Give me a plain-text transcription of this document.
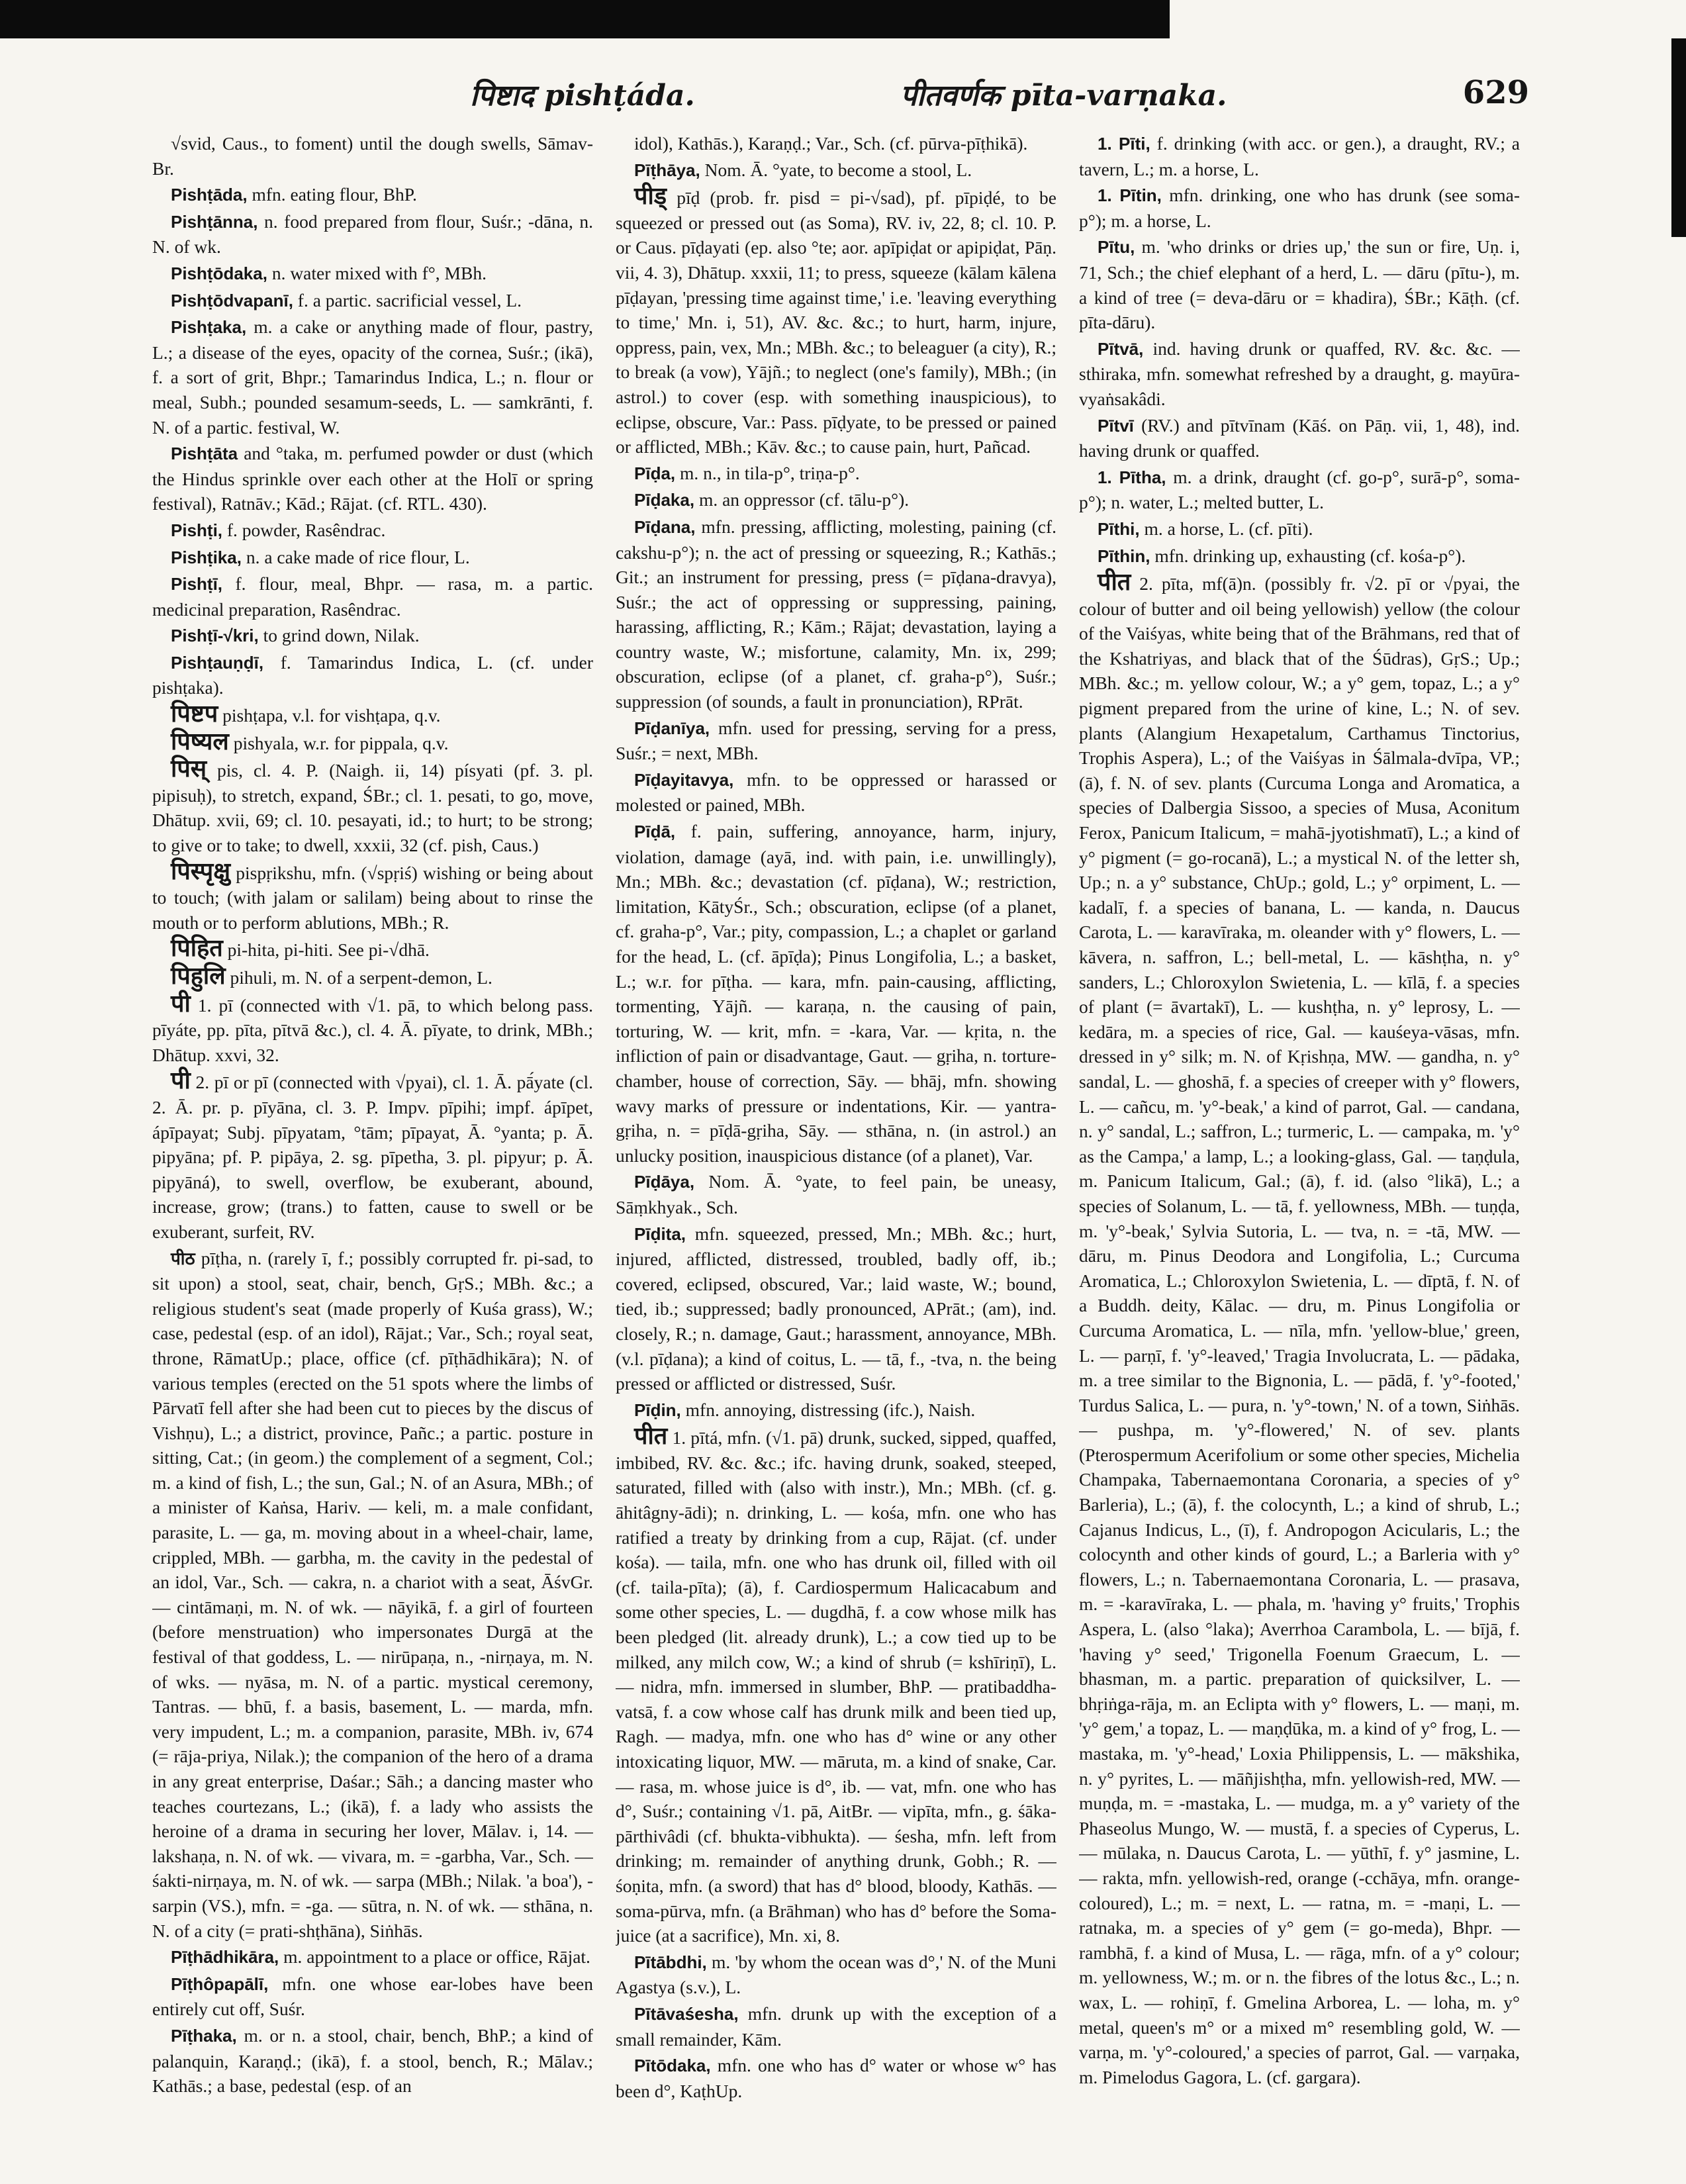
पिष्टाद pishṭáda.	पीतवर्णक pīta-varṇaka.	629

√svid, Caus., to foment) until the dough swells, Sāmav-Br.

Pishṭāda, mfn. eating flour, BhP.

Pishṭānna, n. food prepared from flour, Suśr.; -dāna, n. N. of wk.

Pishṭōdaka, n. water mixed with f°, MBh.

Pishṭōdvapanī, f. a partic. sacrificial vessel, L.

Pishṭaka, m. a cake or anything made of flour, pastry, L.; a disease of the eyes, opacity of the cornea, Suśr.; (ikā), f. a sort of grit, Bhpr.; Tamarindus Indica, L.; n. flour or meal, Subh.; pounded sesamum-seeds, L. — samkrānti, f. N. of a partic. festival, W.

Pishṭāta and °taka, m. perfumed powder or dust (which the Hindus sprinkle over each other at the Holī or spring festival), Ratnāv.; Kād.; Rājat. (cf. RTL. 430).

Pishṭi, f. powder, Rasêndrac.

Pishṭika, n. a cake made of rice flour, L.

Pishṭī, f. flour, meal, Bhpr. — rasa, m. a partic. medicinal preparation, Rasêndrac.

Pishṭī-√kri, to grind down, Nilak.

Pishṭauṇḍī, f. Tamarindus Indica, L. (cf. under pishṭaka).

पिष्टप pishṭapa, v.l. for vishṭapa, q.v.

पिष्यल pishyala, w.r. for pippala, q.v.

पिस् pis, cl. 4. P. (Naigh. ii, 14) písyati (pf. 3. pl. pipisuḥ), to stretch, expand, ŚBr.; cl. 1. pesati, to go, move, Dhātup. xvii, 69; cl. 10. pesayati, id.; to hurt; to be strong; to give or to take; to dwell, xxxii, 32 (cf. pish, Caus.)

पिस्पृक्षु pispṛikshu, mfn. (√spṛiś) wishing or being about to touch; (with jalam or salilam) being about to rinse the mouth or to perform ablutions, MBh.; R.

पिहित pi-hita, pi-hiti. See pi-√dhā.

पिहुलि pihuli, m. N. of a serpent-demon, L.

पी 1. pī (connected with √1. pā, to which belong pass. pīyáte, pp. pīta, pītvā &c.), cl. 4. Ā. pīyate, to drink, MBh.; Dhātup. xxvi, 32.

पी 2. pī or pī (connected with √pyai), cl. 1. Ā. pā́yate (cl. 2. Ā. pr. p. pīyāna, cl. 3. P. Impv. pīpihi; impf. ápīpet, ápīpayat; Subj. pīpyatam, °tām; pīpayat, Ā. °yanta; p. Ā. pipyāna; pf. P. pipāya, 2. sg. pīpetha, 3. pl. pipyur; p. Ā. pipyāná), to swell, overflow, be exuberant, abound, increase, grow; (trans.) to fatten, cause to swell or be exuberant, surfeit, RV.

पीठ pīṭha, n. (rarely ī, f.; possibly corrupted fr. pi-sad, to sit upon) a stool, seat, chair, bench, GṛS.; MBh. &c.; a religious student's seat (made properly of Kuśa grass), W.; case, pedestal (esp. of an idol), Rājat.; Var., Sch.; royal seat, throne, RāmatUp.; place, office (cf. pīṭhādhikāra); N. of various temples (erected on the 51 spots where the limbs of Pārvatī fell after she had been cut to pieces by the discus of Vishṇu), L.; a district, province, Pañc.; a partic. posture in sitting, Cat.; (in geom.) the complement of a segment, Col.; m. a kind of fish, L.; the sun, Gal.; N. of an Asura, MBh.; of a minister of Kaṅsa, Hariv. — keli, m. a male confidant, parasite, L. — ga, m. moving about in a wheel-chair, lame, crippled, MBh. — garbha, m. the cavity in the pedestal of an idol, Var., Sch. — cakra, n. a chariot with a seat, ĀśvGr. — cintāmaṇi, m. N. of wk. — nāyikā, f. a girl of fourteen (before menstruation) who impersonates Durgā at the festival of that goddess, L. — nirūpaṇa, n., -nirṇaya, m. N. of wks. — nyāsa, m. N. of a partic. mystical ceremony, Tantras. — bhū, f. a basis, basement, L. — marda, mfn. very impudent, L.; m. a companion, parasite, MBh. iv, 674 (= rāja-priya, Nilak.); the companion of the hero of a drama in any great enterprise, Daśar.; Sāh.; a dancing master who teaches courtezans, L.; (ikā), f. a lady who assists the heroine of a drama in securing her lover, Mālav. i, 14. — lakshaṇa, n. N. of wk. — vivara, m. = -garbha, Var., Sch. — śakti-nirṇaya, m. N. of wk. — sarpa (MBh.; Nilak. 'a boa'), -sarpin (VS.), mfn. = -ga. — sūtra, n. N. of wk. — sthāna, n. N. of a city (= prati-shṭhāna), Siṅhās.

Pīṭhādhikāra, m. appointment to a place or office, Rājat.

Pīṭhôpapālī, mfn. one whose ear-lobes have been entirely cut off, Suśr.

Pīṭhaka, m. or n. a stool, chair, bench, BhP.; a kind of palanquin, Karaṇḍ.; (ikā), f. a stool, bench, R.; Mālav.; Kathās.; a base, pedestal (esp. of an

idol), Kathās.), Karaṇḍ.; Var., Sch. (cf. pūrva-pīṭhikā).

Pīṭhāya, Nom. Ā. °yate, to become a stool, L.

पीड् pīḍ (prob. fr. pisd = pi-√sad), pf. pīpiḍé, to be squeezed or pressed out (as Soma), RV. iv, 22, 8; cl. 10. P. or Caus. pīḍayati (ep. also °te; aor. apīpiḍat or apipiḍat, Pāṇ. vii, 4. 3), Dhātup. xxxii, 11; to press, squeeze (kālam kālena pīḍayan, 'pressing time against time,' i.e. 'leaving everything to time,' Mn. i, 51), AV. &c. &c.; to hurt, harm, injure, oppress, pain, vex, Mn.; MBh. &c.; to beleaguer (a city), R.; to break (a vow), Yājñ.; to neglect (one's family), MBh.; (in astrol.) to cover (esp. with something inauspicious), to eclipse, obscure, Var.: Pass. pīḍyate, to be pressed or pained or afflicted, MBh.; Kāv. &c.; to cause pain, hurt, Pañcad.

Pīḍa, m. n., in tila-p°, triṇa-p°.

Pīḍaka, m. an oppressor (cf. tālu-p°).

Pīḍana, mfn. pressing, afflicting, molesting, paining (cf. cakshu-p°); n. the act of pressing or squeezing, R.; Kathās.; Git.; an instrument for pressing, press (= pīḍana-dravya), Suśr.; the act of oppressing or suppressing, paining, harassing, afflicting, R.; Kām.; Rājat; devastation, laying a country waste, W.; misfortune, calamity, Mn. ix, 299; obscuration, eclipse (of a planet, cf. graha-p°), Suśr.; suppression (of sounds, a fault in pronunciation), RPrāt.

Pīḍanīya, mfn. used for pressing, serving for a press, Suśr.; = next, MBh.

Pīḍayitavya, mfn. to be oppressed or harassed or molested or pained, MBh.

Pīḍā, f. pain, suffering, annoyance, harm, injury, violation, damage (ayā, ind. with pain, i.e. unwillingly), Mn.; MBh. &c.; devastation (cf. pīḍana), W.; restriction, limitation, KātyŚr., Sch.; obscuration, eclipse (of a planet, cf. graha-p°, Var.; pity, compassion, L.; a chaplet or garland for the head, L. (cf. āpīḍa); Pinus Longifolia, L.; a basket, L.; w.r. for pīṭha. — kara, mfn. pain-causing, afflicting, tormenting, Yājñ. — karaṇa, n. the causing of pain, torturing, W. — krit, mfn. = -kara, Var. — kṛita, n. the infliction of pain or disadvantage, Gaut. — gṛiha, n. torture-chamber, house of correction, Sāy. — bhāj, mfn. showing wavy marks of pressure or indentations, Kir. — yantra-gṛiha, n. = pīḍā-gṛiha, Sāy. — sthāna, n. (in astrol.) an unlucky position, inauspicious distance (of a planet), Var.

Pīḍāya, Nom. Ā. °yate, to feel pain, be uneasy, Sāṃkhyak., Sch.

Pīḍita, mfn. squeezed, pressed, Mn.; MBh. &c.; hurt, injured, afflicted, distressed, troubled, badly off, ib.; covered, eclipsed, obscured, Var.; laid waste, W.; bound, tied, ib.; suppressed; badly pronounced, APrāt.; (am), ind. closely, R.; n. damage, Gaut.; harassment, annoyance, MBh. (v.l. pīḍana); a kind of coitus, L. — tā, f., -tva, n. the being pressed or afflicted or distressed, Suśr.

Pīḍin, mfn. annoying, distressing (ifc.), Naish.

पीत 1. pītá, mfn. (√1. pā) drunk, sucked, sipped, quaffed, imbibed, RV. &c. &c.; ifc. having drunk, soaked, steeped, saturated, filled with (also with instr.), Mn.; MBh. (cf. g. āhitâgny-ādi); n. drinking, L. — kośa, mfn. one who has ratified a treaty by drinking from a cup, Rājat. (cf. under kośa). — taila, mfn. one who has drunk oil, filled with oil (cf. taila-pīta); (ā), f. Cardiospermum Halicacabum and some other species, L. — dugdhā, f. a cow whose milk has been pledged (lit. already drunk), L.; a cow tied up to be milked, any milch cow, W.; a kind of shrub (= kshīriṇī), L. — nidra, mfn. immersed in slumber, BhP. — pratibaddha-vatsā, f. a cow whose calf has drunk milk and been tied up, Ragh. — madya, mfn. one who has d° wine or any other intoxicating liquor, MW. — māruta, m. a kind of snake, Car. — rasa, m. whose juice is d°, ib. — vat, mfn. one who has d°, Suśr.; containing √1. pā, AitBr. — vipīta, mfn., g. śāka-pārthivâdi (cf. bhukta-vibhukta). — śesha, mfn. left from drinking; m. remainder of anything drunk, Gobh.; R. — śoṇita, mfn. (a sword) that has d° blood, bloody, Kathās. — soma-pūrva, mfn. (a Brāhman) who has d° before the Soma-juice (at a sacrifice), Mn. xi, 8.

Pītābdhi, m. 'by whom the ocean was d°,' N. of the Muni Agastya (s.v.), L.

Pītāvaśesha, mfn. drunk up with the exception of a small remainder, Kām.

Pītōdaka, mfn. one who has d° water or whose w° has been d°, KaṭhUp.

1. Pīti, f. drinking (with acc. or gen.), a draught, RV.; a tavern, L.; m. a horse, L.

1. Pītin, mfn. drinking, one who has drunk (see soma-p°); m. a horse, L.

Pītu, m. 'who drinks or dries up,' the sun or fire, Uṇ. i, 71, Sch.; the chief elephant of a herd, L. — dāru (pītu-), m. a kind of tree (= deva-dāru or = khadira), ŚBr.; Kāṭh. (cf. pīta-dāru).

Pītvā, ind. having drunk or quaffed, RV. &c. &c. — sthiraka, mfn. somewhat refreshed by a draught, g. mayūra-vyaṅsakâdi.

Pītvī (RV.) and pītvīnam (Kāś. on Pāṇ. vii, 1, 48), ind. having drunk or quaffed.

1. Pītha, m. a drink, draught (cf. go-p°, surā-p°, soma-p°); n. water, L.; melted butter, L.

Pīthi, m. a horse, L. (cf. pīti).

Pīthin, mfn. drinking up, exhausting (cf. kośa-p°).

पीत 2. pīta, mf(ā)n. (possibly fr. √2. pī or √pyai, the colour of butter and oil being yellowish) yellow (the colour of the Vaiśyas, white being that of the Brāhmans, red that of the Kshatriyas, and black that of the Śūdras), GṛS.; Up.; MBh. &c.; m. yellow colour, W.; a y° gem, topaz, L.; a y° pigment prepared from the urine of kine, L.; N. of sev. plants (Alangium Hexapetalum, Carthamus Tinctorius, Trophis Aspera), L.; of the Vaiśyas in Śālmala-dvīpa, VP.; (ā), f. N. of sev. plants (Curcuma Longa and Aromatica, a species of Dalbergia Sissoo, a species of Musa, Aconitum Ferox, Panicum Italicum, = mahā-jyotishmatī), L.; a kind of y° pigment (= go-rocanā), L.; a mystical N. of the letter sh, Up.; n. a y° substance, ChUp.; gold, L.; y° orpiment, L. — kadalī, f. a species of banana, L. — kanda, n. Daucus Carota, L. — karavīraka, m. oleander with y° flowers, L. — kāvera, n. saffron, L.; bell-metal, L. — kāshṭha, n. y° sanders, L.; Chloroxylon Swietenia, L. — kīlā, f. a species of plant (= āvartakī), L. — kushṭha, n. y° leprosy, L. — kedāra, m. a species of rice, Gal. — kauśeya-vāsas, mfn. dressed in y° silk; m. N. of Kṛishṇa, MW. — gandha, n. y° sandal, L. — ghoshā, f. a species of creeper with y° flowers, L. — cañcu, m. 'y°-beak,' a kind of parrot, Gal. — candana, n. y° sandal, L.; saffron, L.; turmeric, L. — campaka, m. 'y° as the Campa,' a lamp, L.; a looking-glass, Gal. — taṇḍula, m. Panicum Italicum, Gal.; (ā), f. id. (also °likā), L.; a species of Solanum, L. — tā, f. yellowness, MBh. — tuṇḍa, m. 'y°-beak,' Sylvia Sutoria, L. — tva, n. = -tā, MW. — dāru, m. Pinus Deodora and Longifolia, L.; Curcuma Aromatica, L.; Chloroxylon Swietenia, L. — dīptā, f. N. of a Buddh. deity, Kālac. — dru, m. Pinus Longifolia or Curcuma Aromatica, L. — nīla, mfn. 'yellow-blue,' green, L. — parṇī, f. 'y°-leaved,' Tragia Involucrata, L. — pādaka, m. a tree similar to the Bignonia, L. — pādā, f. 'y°-footed,' Turdus Salica, L. — pura, n. 'y°-town,' N. of a town, Siṅhās. — pushpa, m. 'y°-flowered,' N. of sev. plants (Pterospermum Acerifolium or some other species, Michelia Champaka, Tabernaemontana Coronaria, a species of y° Barleria), L.; (ā), f. the colocynth, L.; a kind of shrub, L.; Cajanus Indicus, L., (ī), f. Andropogon Acicularis, L.; the colocynth and other kinds of gourd, L.; a Barleria with y° flowers, L.; n. Tabernaemontana Coronaria, L. — prasava, m. = -karavīraka, L. — phala, m. 'having y° fruits,' Trophis Aspera, L. (also °laka); Averrhoa Carambola, L. — bījā, f. 'having y° seed,' Trigonella Foenum Graecum, L. — bhasman, m. a partic. preparation of quicksilver, L. — bhṛiṅga-rāja, m. an Eclipta with y° flowers, L. — maṇi, m. 'y° gem,' a topaz, L. — maṇḍūka, m. a kind of y° frog, L. — mastaka, m. 'y°-head,' Loxia Philippensis, L. — mākshika, n. y° pyrites, L. — māñjishṭha, mfn. yellowish-red, MW. — muṇḍa, m. = -mastaka, L. — mudga, m. a y° variety of the Phaseolus Mungo, W. — mustā, f. a species of Cyperus, L. — mūlaka, n. Daucus Carota, L. — yūthī, f. y° jasmine, L. — rakta, mfn. yellowish-red, orange (-cchāya, mfn. orange-coloured), L.; m. = next, L. — ratna, m. = -maṇi, L. — ratnaka, m. a species of y° gem (= go-meda), Bhpr. — rambhā, f. a kind of Musa, L. — rāga, mfn. of a y° colour; m. yellowness, W.; m. or n. the fibres of the lotus &c., L.; n. wax, L. — rohiṇī, f. Gmelina Arborea, L. — loha, m. y° metal, queen's m° or a mixed m° resembling gold, W. — varṇa, m. 'y°-coloured,' a species of parrot, Gal. — varṇaka, m. Pimelodus Gagora, L. (cf. gargara).
